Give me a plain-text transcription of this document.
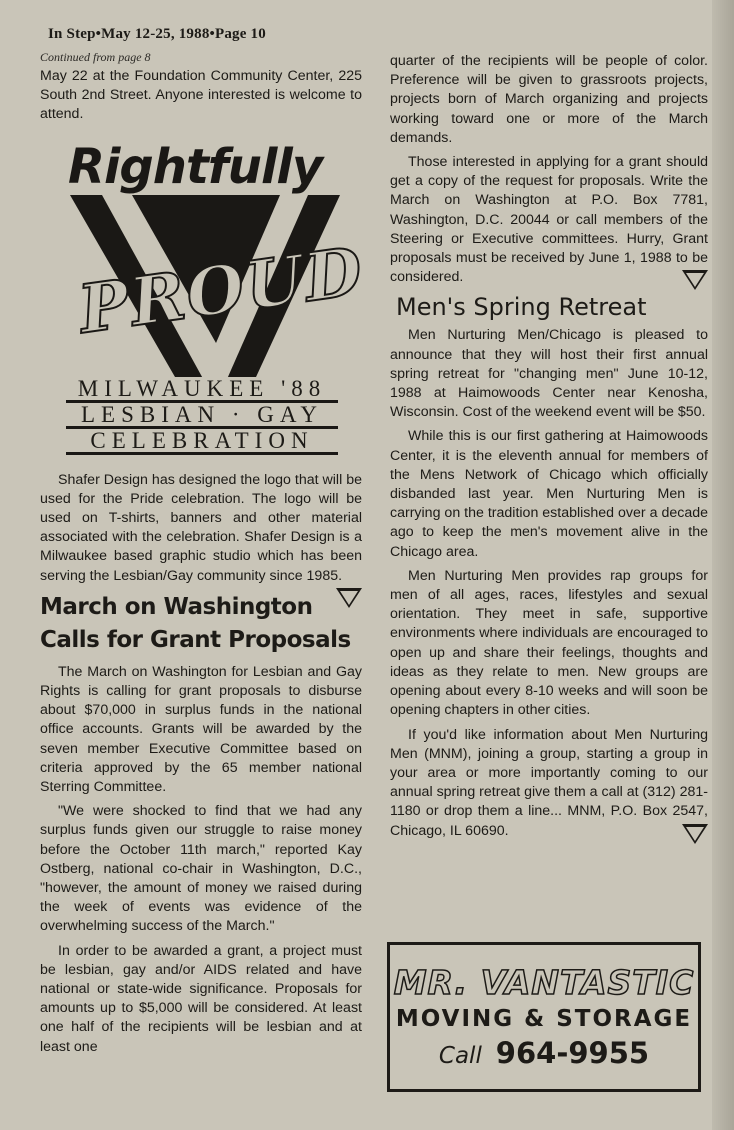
In Step•May 12-25, 1988•Page 10

Continued from page 8

May 22 at the Foundation Community Center, 225 South 2nd Street. Anyone interested is welcome to attend.

Rightfully
PROUD
MILWAUKEE '88
LESBIAN · GAY
CELEBRATION

Shafer Design has designed the logo that will be used for the Pride celebration. The logo will be used on T-shirts, banners and other material associated with the celebration. Shafer Design is a Milwaukee based graphic studio which has been serving the Lesbian/Gay community since 1985.

March on Washington Calls for Grant Proposals

The March on Washington for Lesbian and Gay Rights is calling for grant proposals to disburse about $70,000 in surplus funds in the national office accounts. Grants will be awarded by the seven member Executive Committee based on criteria approved by the 65 member national Sterring Committee.

"We were shocked to find that we had any surplus funds given our struggle to raise money before the October 11th march," reported Kay Ostberg, national co-chair in Washington, D.C., "however, the amount of money we raised during the week of events was evidence of the overwhelming success of the March."

In order to be awarded a grant, a project must be lesbian, gay and/or AIDS related and have national or state-wide significance. Proposals for amounts up to $5,000 will be considered. At least one half of the recipients will be lesbian and at least one

quarter of the recipients will be people of color. Preference will be given to grassroots projects, projects born of March organizing and projects working toward one or more of the March demands.

Those interested in applying for a grant should get a copy of the request for proposals. Write the March on Washington at P.O. Box 7781, Washington, D.C. 20044 or call members of the Steering or Executive committees. Hurry, Grant proposals must be received by June 1, 1988 to be considered.

Men's Spring Retreat

Men Nurturing Men/Chicago is pleased to announce that they will host their first annual spring retreat for "changing men" June 10-12, 1988 at Haimowoods Center near Kenosha, Wisconsin. Cost of the weekend event will be $50.

While this is our first gathering at Haimowoods Center, it is the eleventh annual for members of the Mens Network of Chicago which officially disbanded last year. Men Nurturing Men is carrying on the tradition established over a decade ago to keep the men's movement alive in the Chicago area.

Men Nurturing Men provides rap groups for men of all ages, races, lifestyles and sexual orientation. They meet in safe, supportive environments where individuals are encouraged to open up and share their feelings, thoughts and ideas as they relate to men. New groups are opening about every 8-10 weeks and will soon be opening chapters in other cities.

If you'd like information about Men Nurturing Men (MNM), joining a group, starting a group in your area or more importantly coming to our annual spring retreat give them a call at (312) 281-1180 or drop them a line... MNM, P.O. Box 2547, Chicago, IL 60690.

MR. VANTASTIC
MOVING & STORAGE
Call 964-9955
